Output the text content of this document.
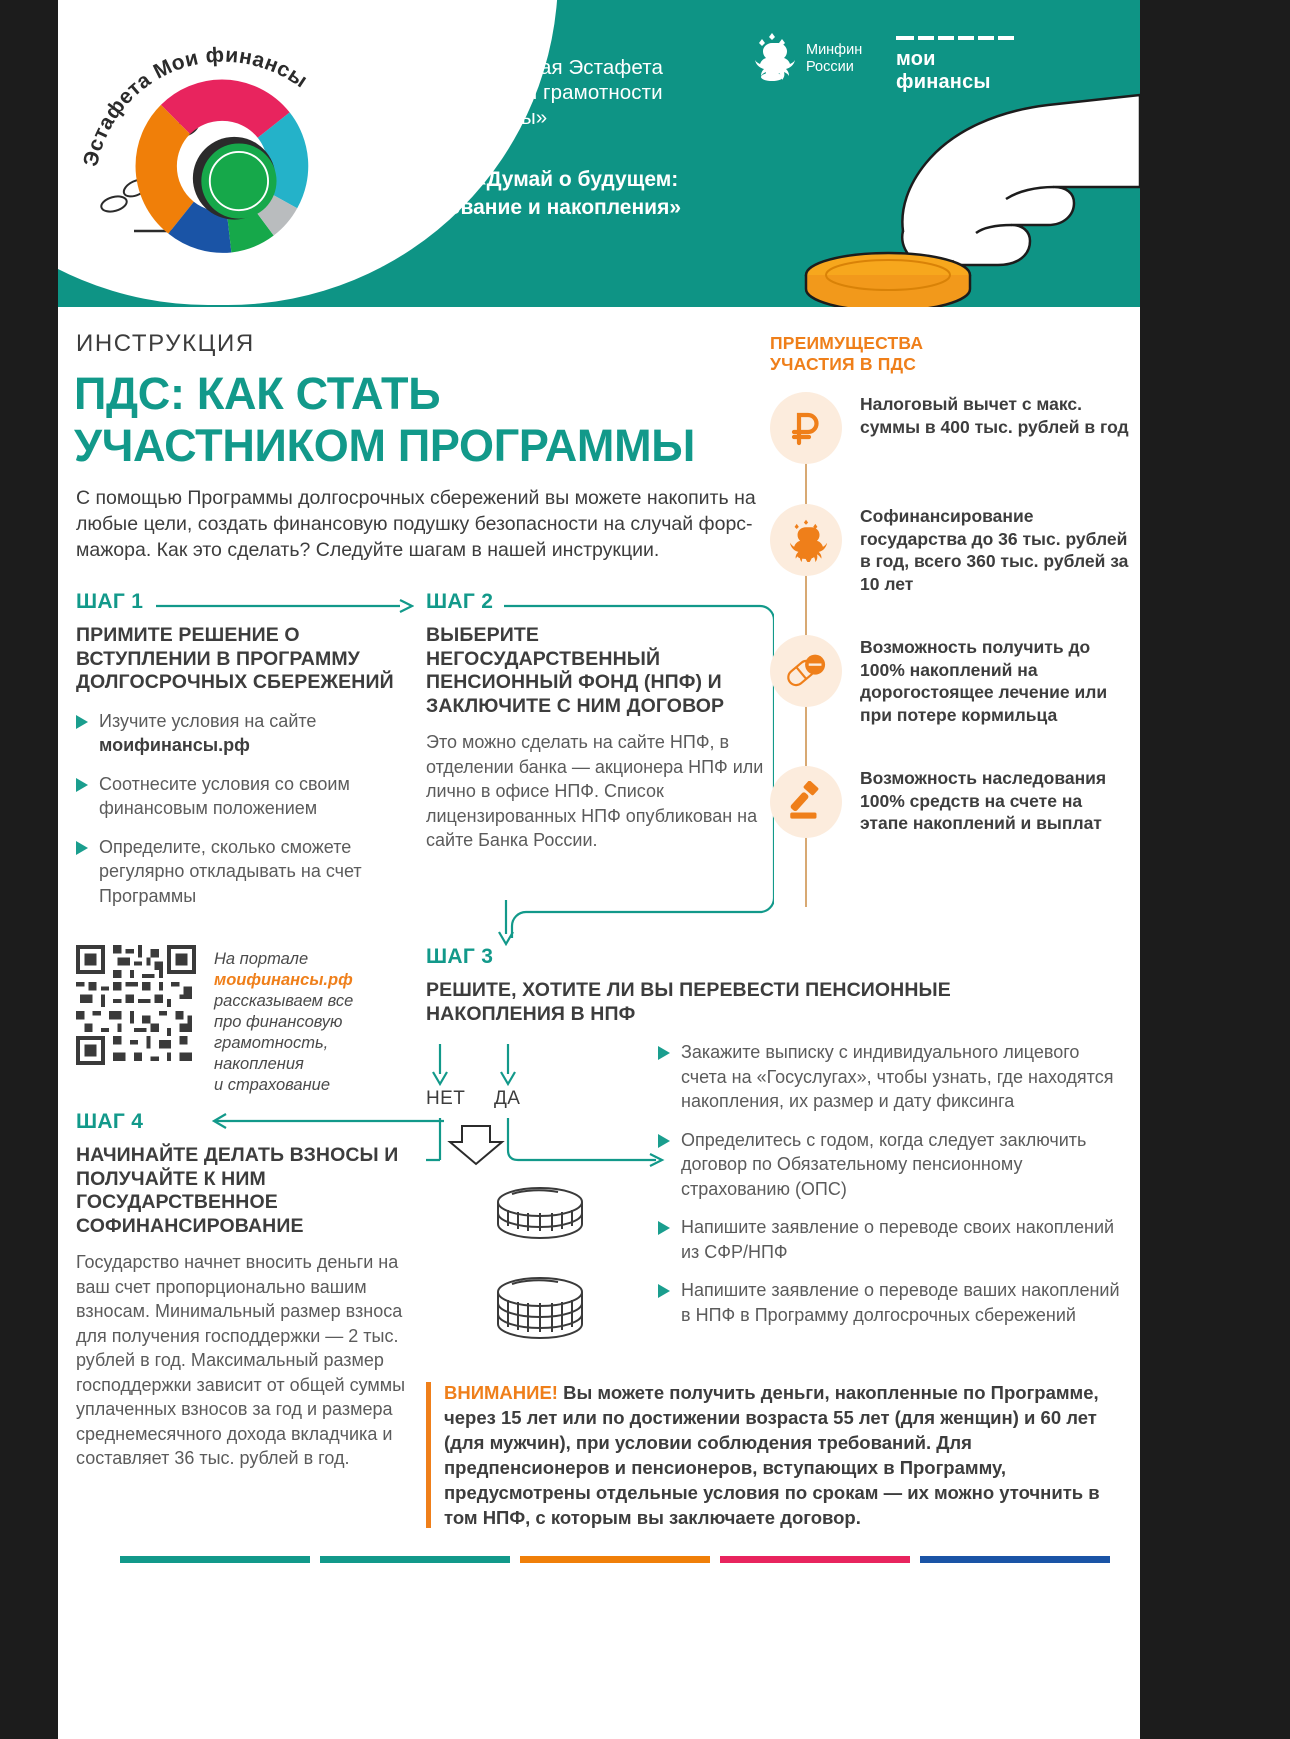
Эстафета Мои финансы
Всероссийская
просветительская Эстафета
по финансовой грамотности
«Мои финансы»
Этап VI: «Думай о будущем:
страхование и накопления»
Минфин
России	мои финансы
ИНСТРУКЦИЯ
ПДС: КАК СТАТЬ
УЧАСТНИКОМ ПРОГРАММЫ
С помощью Программы долгосрочных сбережений вы можете накопить на любые цели, создать финансовую подушку безопасности на случай форс-мажора. Как это сделать? Следуйте шагам в нашей инструкции.
ШАГ 1
ПРИМИТЕ РЕШЕНИЕ О ВСТУПЛЕНИИ В ПРОГРАММУ ДОЛГОСРОЧНЫХ СБЕРЕЖЕНИЙ
Изучите условия на сайте моифинансы.рф
Соотнесите условия со своим финансовым положением
Определите, сколько сможете регулярно откладывать на счет Программы
ШАГ 2
ВЫБЕРИТЕ НЕГОСУДАРСТВЕННЫЙ ПЕНСИОННЫЙ ФОНД (НПФ) И ЗАКЛЮЧИТЕ С НИМ ДОГОВОР
Это можно сделать на сайте НПФ, в отделении банка — акционера НПФ или лично в офисе НПФ. Список лицензированных НПФ опубликован на сайте Банка России.
На портале
моифинансы.рф
рассказываем все
про финансовую
грамотность,
накопления
и страхование
ШАГ 3
РЕШИТЕ, ХОТИТЕ ЛИ ВЫ ПЕРЕВЕСТИ ПЕНСИОННЫЕ НАКОПЛЕНИЯ В НПФ
НЕТ ДА
Закажите выписку с индивидуального лицевого счета на «Госуслугах», чтобы узнать, где находятся накопления, их размер и дату фиксинга
Определитесь с годом, когда следует заключить договор по Обязательному пенсионному страхованию (ОПС)
Напишите заявление о переводе своих накоплений из СФР/НПФ
Напишите заявление о переводе ваших накоплений в НПФ в Программу долгосрочных сбережений
ШАГ 4
НАЧИНАЙТЕ ДЕЛАТЬ ВЗНОСЫ И ПОЛУЧАЙТЕ К НИМ ГОСУДАРСТВЕННОЕ СОФИНАНСИРОВАНИЕ
Государство начнет вносить деньги на ваш счет пропорционально вашим взносам. Минимальный размер взноса для получения господдержки — 2 тыс. рублей в год. Максимальный размер господдержки зависит от общей суммы уплаченных взносов за год и размера среднемесячного дохода вкладчика и составляет 36 тыс. рублей в год.
ПРЕИМУЩЕСТВА
УЧАСТИЯ В ПДС
Налоговый вычет с макс. суммы в 400 тыс. рублей в год
Софинансирование государства до 36 тыс. рублей в год, всего 360 тыс. рублей за 10 лет
Возможность получить до 100% накоплений на дорогостоящее лечение или при потере кормильца
Возможность наследования 100% средств на счете на этапе накоплений и выплат
ВНИМАНИЕ! Вы можете получить деньги, накопленные по Программе, через 15 лет или по достижении возраста 55 лет (для женщин) и 60 лет (для мужчин), при условии соблюдения требований. Для предпенсионеров и пенсионеров, вступающих в Программу, предусмотрены отдельные условия по срокам — их можно уточнить в том НПФ, с которым вы заключаете договор.
